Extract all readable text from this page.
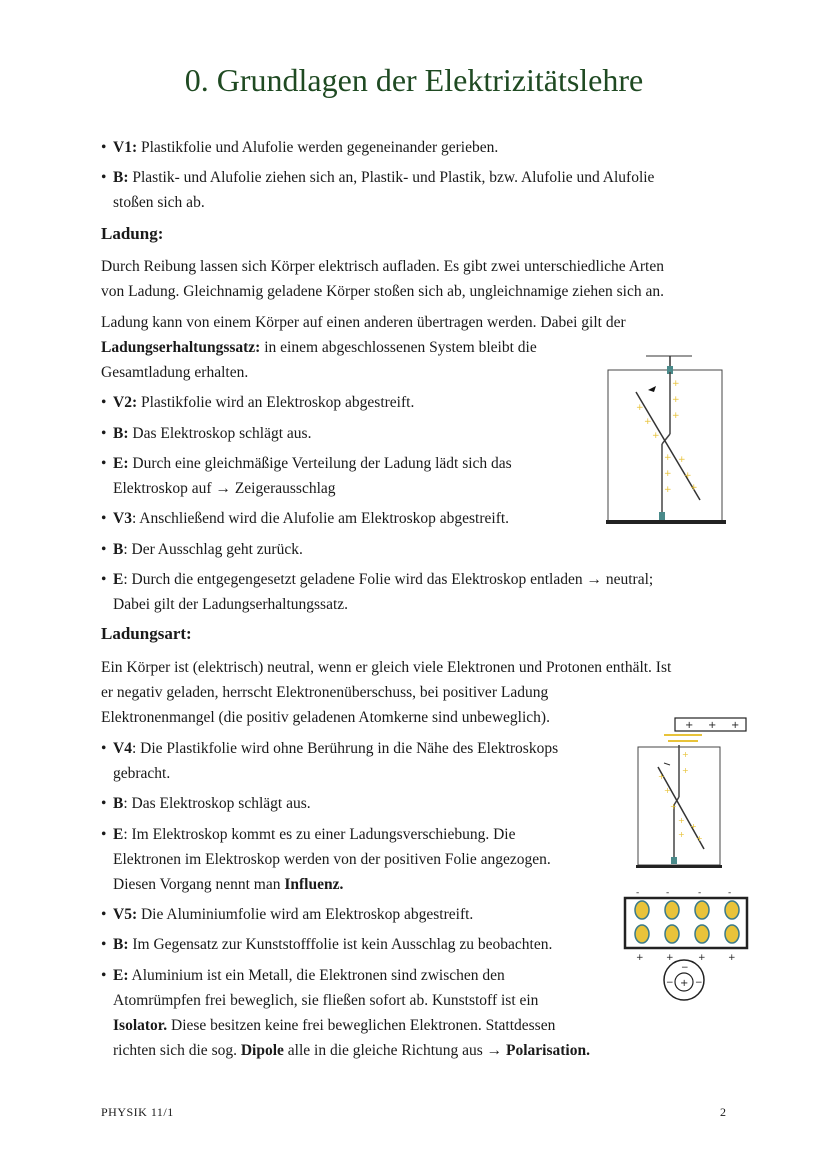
0. Grundlagen der Elektrizitätslehre
• V1: Plastikfolie und Alufolie werden gegeneinander gerieben.
• B: Plastik- und Alufolie ziehen sich an, Plastik- und Plastik, bzw. Alufolie und Alufolie
stoßen sich ab.
Ladung:
Durch Reibung lassen sich Körper elektrisch aufladen. Es gibt zwei unterschiedliche Arten
von Ladung. Gleichnamig geladene Körper stoßen sich ab, ungleichnamige ziehen sich an.
Ladung kann von einem Körper auf einen anderen übertragen werden. Dabei gilt der
Ladungserhaltungssatz: in einem abgeschlossenen System bleibt die
Gesamtladung erhalten.
• V2: Plastikfolie wird an Elektroskop abgestreift.
• B: Das Elektroskop schlägt aus.
• E: Durch eine gleichmäßige Verteilung der Ladung lädt sich das
Elektroskop auf → Zeigerausschlag
• V3: Anschließend wird die Alufolie am Elektroskop abgestreift.
• B: Der Ausschlag geht zurück.
• E: Durch die entgegengesetzt geladene Folie wird das Elektroskop entladen → neutral;
Dabei gilt der Ladungserhaltungssatz.
Ladungsart:
Ein Körper ist (elektrisch) neutral, wenn er gleich viele Elektronen und Protonen enthält. Ist
er negativ geladen, herrscht Elektronenüberschuss, bei positiver Ladung
Elektronenmangel (die positiv geladenen Atomkerne sind unbeweglich).
• V4: Die Plastikfolie wird ohne Berührung in die Nähe des Elektroskops
gebracht.
• B: Das Elektroskop schlägt aus.
• E: Im Elektroskop kommt es zu einer Ladungsverschiebung. Die
Elektronen im Elektroskop werden von der positiven Folie angezogen.
Diesen Vorgang nennt man Influenz.
• V5: Die Aluminiumfolie wird am Elektroskop abgestreift.
• B: Im Gegensatz zur Kunststofffolie ist kein Ausschlag zu beobachten.
• E: Aluminium ist ein Metall, die Elektronen sind zwischen den
Atomrümpfen frei beweglich, sie fließen sofort ab. Kunststoff ist ein
Isolator. Diese besitzen keine frei beweglichen Elektronen. Stattdessen
richten sich die sog. Dipole alle in die gleiche Richtung aus → Polarisation.
+
+
+
+
+
+
+
+
+
+
+
+
+ + +
+
+
+
+
+
+
+
+
+
-	-	-	-
+ +	+ +
+
−
− −
PHYSIK 11/1	2
